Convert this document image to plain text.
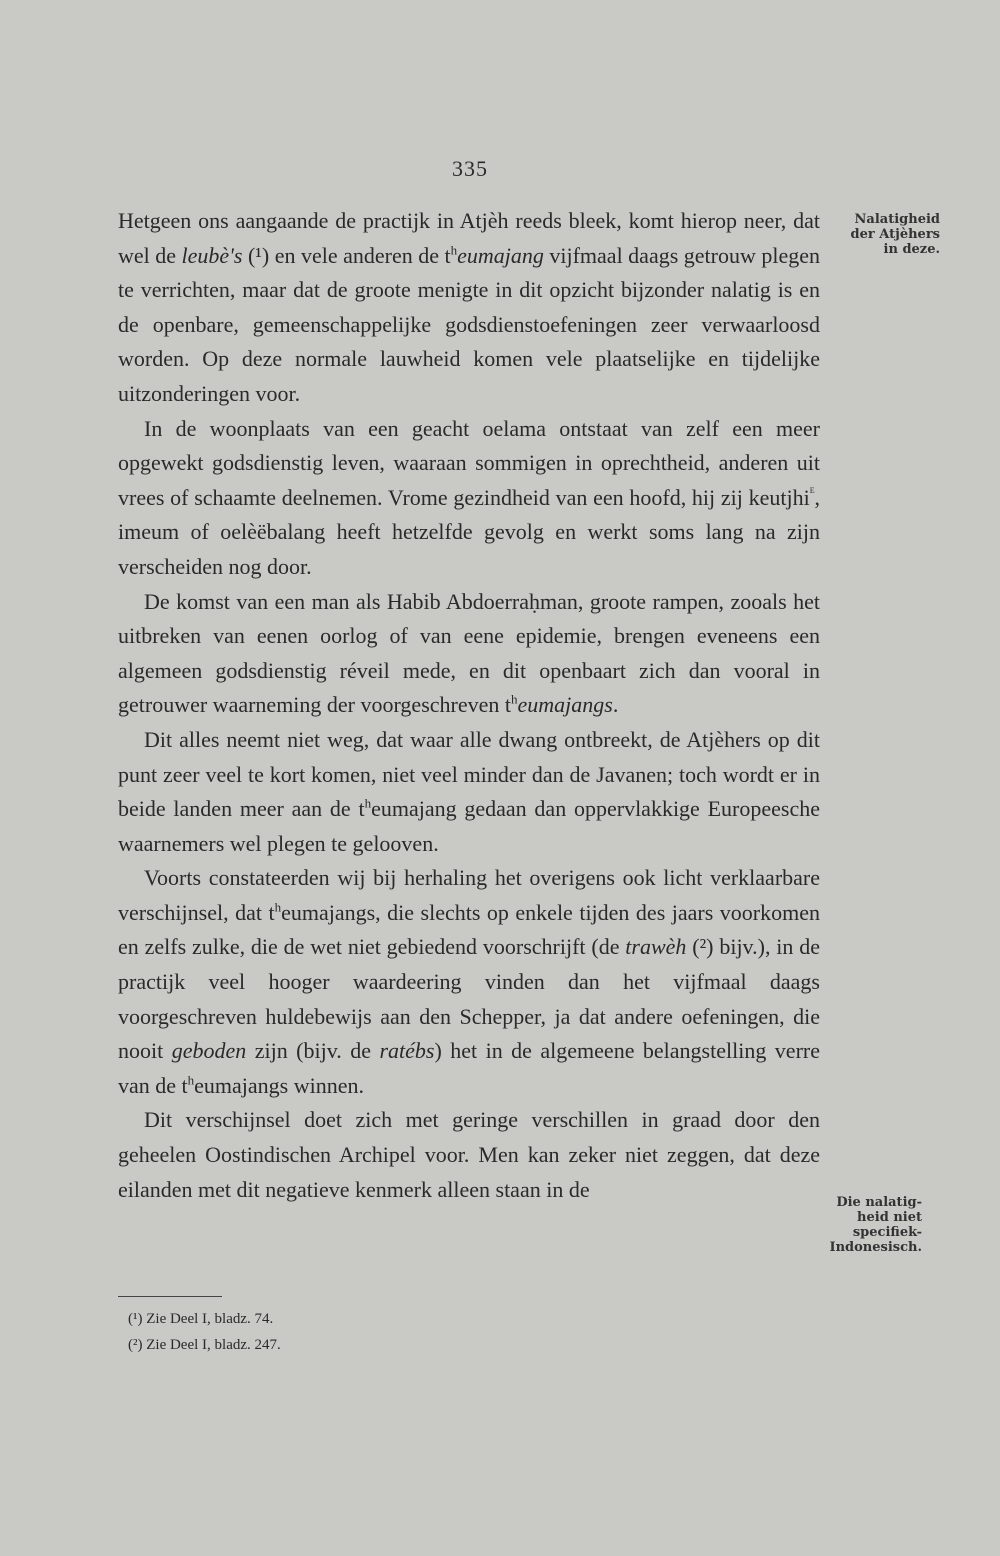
335
Nalatigheid
der Atjèhers
in deze.
Die nalatig-
heid niet
specifiek-
Indonesisch.

Hetgeen ons aangaande de practijk in Atjèh reeds bleek, komt hierop neer, dat wel de leubè's (¹) en vele anderen de $t^heumajang$ vijfmaal daags getrouw plegen te verrichten, maar dat de groote menigte in dit opzicht bijzonder nalatig is en de openbare, gemeenschappelijke godsdienstoefeningen zeer verwaarloosd worden. Op deze normale lauwheid komen vele plaatselijke en tijdelijke uitzonderingen voor.

In de woonplaats van een geacht oelama ontstaat van zelf een meer opgewekt godsdienstig leven, waaraan sommigen in oprechtheid, anderen uit vrees of schaamte deelnemen. Vrome gezindheid van een hoofd, hij zij keutjhi$^ᴱ$, imeum of oelèëbalang heeft hetzelfde gevolg en werkt soms lang na zijn verscheiden nog door.

De komst van een man als Habib Abdoerraḥman, groote rampen, zooals het uitbreken van eenen oorlog of van eene epidemie, brengen eveneens een algemeen godsdienstig réveil mede, en dit openbaart zich dan vooral in getrouwer waarneming der voorgeschreven $t^heumajangs$.

Dit alles neemt niet weg, dat waar alle dwang ontbreekt, de Atjèhers op dit punt zeer veel te kort komen, niet veel minder dan de Javanen; toch wordt er in beide landen meer aan de $t^heumajang$ gedaan dan oppervlakkige Europeesche waarnemers wel plegen te gelooven.

Voorts constateerden wij bij herhaling het overigens ook licht verklaarbare verschijnsel, dat $t^heumajangs$, die slechts op enkele tijden des jaars voorkomen en zelfs zulke, die de wet niet gebiedend voorschrijft (de trawèh (²) bijv.), in de practijk veel hooger waardeering vinden dan het vijfmaal daags voorgeschreven huldebewijs aan den Schepper, ja dat andere oefeningen, die nooit geboden zijn (bijv. de ratébs) het in de algemeene belangstelling verre van de $t^heumajangs$ winnen.

Dit verschijnsel doet zich met geringe verschillen in graad door den geheelen Oostindischen Archipel voor. Men kan zeker niet zeggen, dat deze eilanden met dit negatieve kenmerk alleen staan in de

(¹) Zie Deel I, bladz. 74.
(²) Zie Deel I, bladz. 247.
